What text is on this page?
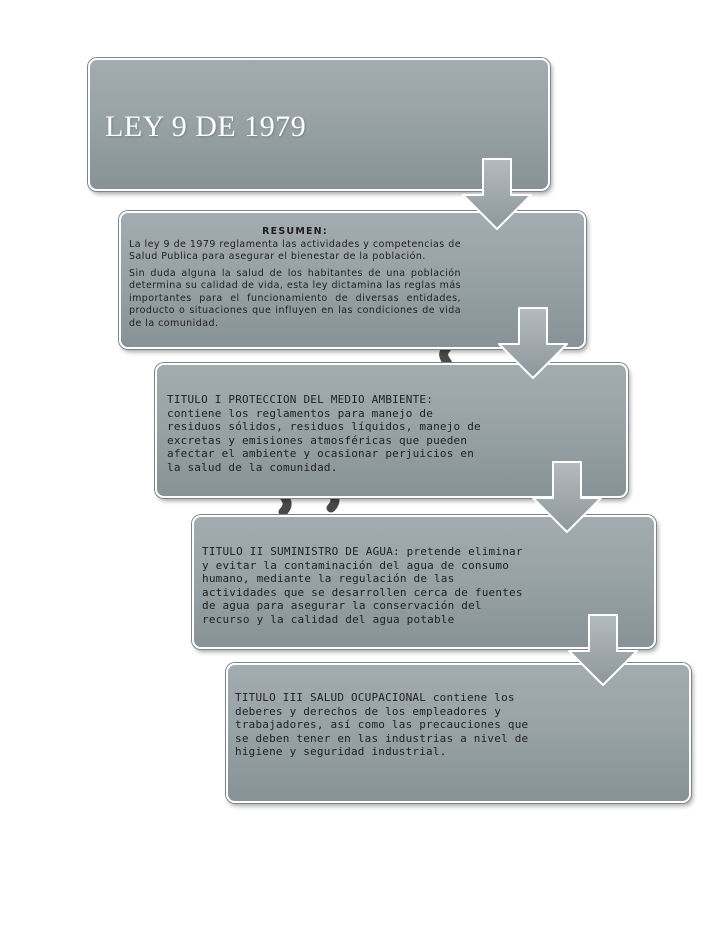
LEY 9 DE 1979
RESUMEN:
La ley 9 de 1979 reglamenta las actividades y competencias de Salud Publica para asegurar el bienestar de la población.
Sin duda alguna la salud de los habitantes de una población determina su calidad de vida, esta ley dictamina las reglas más importantes para el funcionamiento de diversas entidades, producto o situaciones que influyen en las condiciones de vida de la comunidad.
TITULO I PROTECCION DEL MEDIO AMBIENTE: contiene los reglamentos para manejo de residuos sólidos, residuos líquidos, manejo de excretas y emisiones atmosféricas que pueden afectar el ambiente y ocasionar perjuicios en la salud de la comunidad.
TITULO II SUMINISTRO DE AGUA: pretende eliminar y evitar la contaminación del agua de consumo humano, mediante la regulación de las actividades que se desarrollen cerca de fuentes de agua para asegurar la conservación del recurso y la calidad del agua potable
TITULO III SALUD OCUPACIONAL contiene los deberes y derechos de los empleadores y trabajadores, así como las precauciones que se deben tener en las industrias a nivel de higiene y seguridad industrial.
